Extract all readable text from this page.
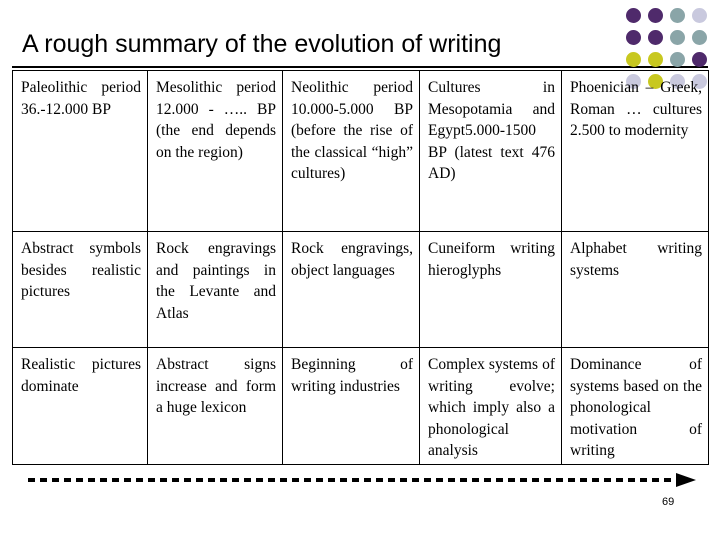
A rough summary of the evolution of writing
Paleolithic period 36.-12.000 BP	Mesolithic period 12.000 - ….. BP (the end depends on the region)	Neolithic period 10.000-5.000 BP (before the rise of the classical “high” cultures)	Cultures in Mesopotamia and Egypt5.000-1500 BP (latest text 476 AD)	Phoenician – Greek, Roman … cultures 2.500 to modernity
Abstract symbols besides realistic pictures	Rock engravings and paintings in the Levante and Atlas	Rock engravings, object languages	Cuneiform writing hieroglyphs	Alphabet writing systems
Realistic pictures dominate	Abstract signs increase and form a huge lexicon	Beginning of writing industries	Complex systems of writing evolve; which imply also a phonological analysis	Dominance of systems based on the phonological motivation of writing
69
